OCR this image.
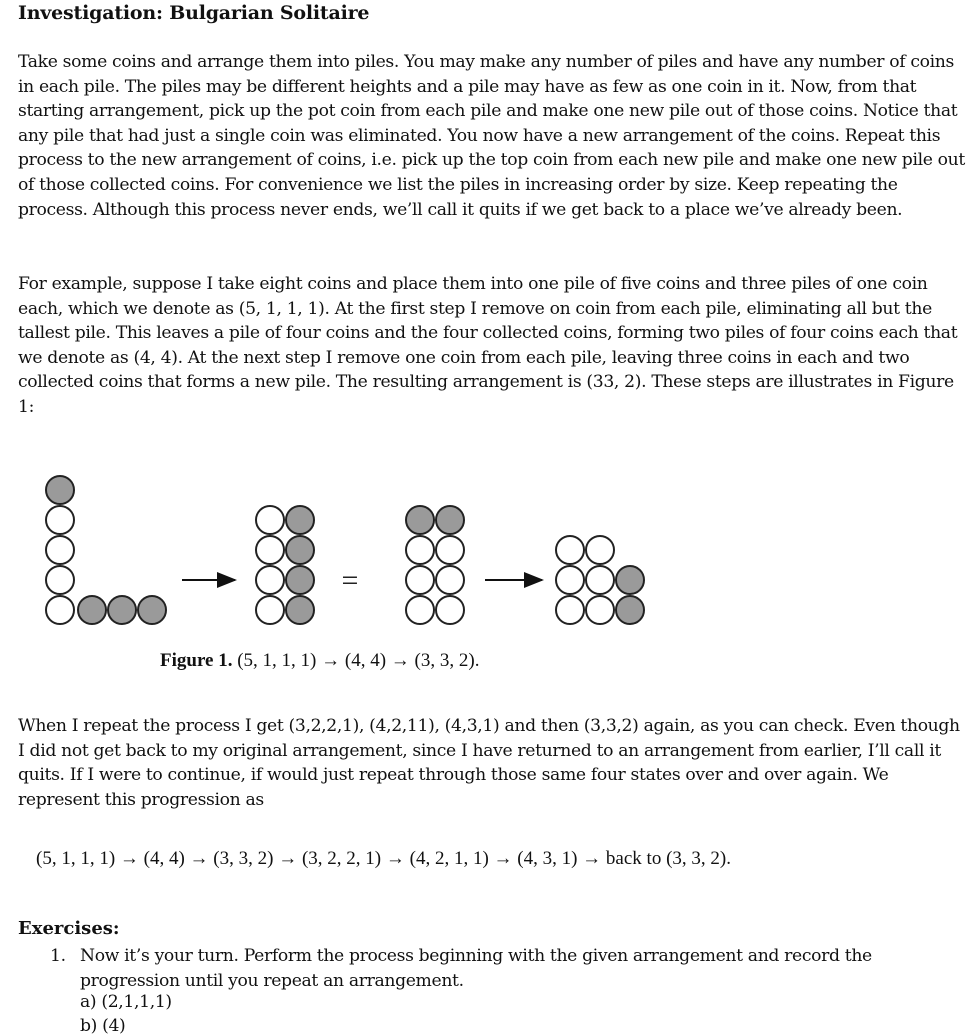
Investigation: Bulgarian Solitaire

Take some coins and arrange them into piles. You may make any number of piles and have any number of coins in each pile. The piles may be different heights and a pile may have as few as one coin in it. Now, from that starting arrangement, pick up the pot coin from each pile and make one new pile out of those coins. Notice that any pile that had just a single coin was eliminated. You now have a new arrangement of the coins. Repeat this process to the new arrangement of coins, i.e. pick up the top coin from each new pile and make one new pile out of those collected coins. For convenience we list the piles in increasing order by size. Keep repeating the process. Although this process never ends, we’ll call it quits if we get back to a place we’ve already been.

For example, suppose I take eight coins and place them into one pile of five coins and three piles of one coin each, which we denote as (5, 1, 1, 1). At the first step I remove on coin from each pile, eliminating all but the tallest pile. This leaves a pile of four coins and the four collected coins, forming two piles of four coins each that we denote as (4, 4). At the next step I remove one coin from each pile, leaving three coins in each and two collected coins that forms a new pile. The resulting arrangement is (33, 2). These steps are illustrates in Figure 1:

=
Figure 1. (5, 1, 1, 1) → (4, 4) → (3, 3, 2).

When I repeat the process I get (3,2,2,1), (4,2,11), (4,3,1) and then (3,3,2) again, as you can check. Even though I did not get back to my original arrangement, since I have returned to an arrangement from earlier, I’ll call it quits. If I were to continue, if would just repeat through those same four states over and over again. We represent this progression as

(5, 1, 1, 1) → (4, 4) → (3, 3, 2) → (3, 2, 2, 1) → (4, 2, 1, 1) → (4, 3, 1) → back to (3, 3, 2).
Exercises:
1. Now it’s your turn. Perform the process beginning with the given arrangement and record the progression until you repeat an arrangement.
a) (2,1,1,1)
b) (4)
